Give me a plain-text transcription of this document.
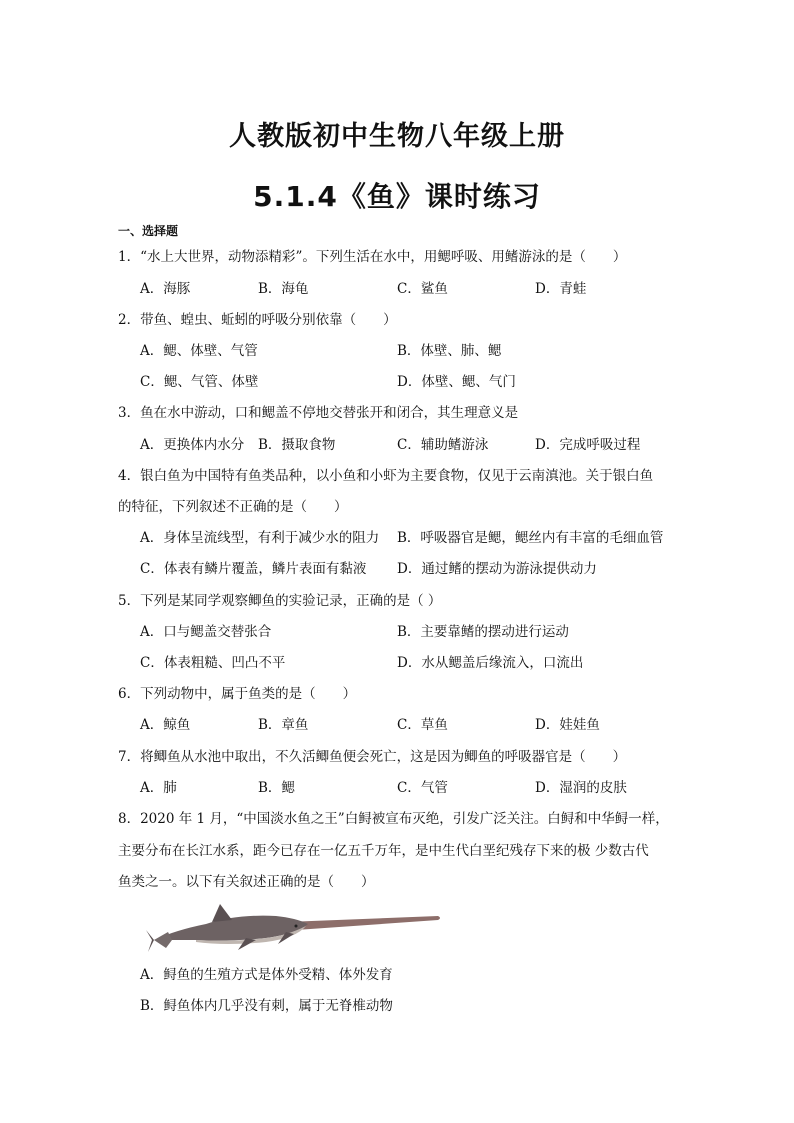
人教版初中生物八年级上册
5.1.4《鱼》课时练习
一、选择题
1．“水上大世界，动物添精彩”。下列生活在水中，用鳃呼吸、用鳍游泳的是（　　）
A．海豚	B．海龟	C．鲨鱼	D．青蛙
2．带鱼、蝗虫、蚯蚓的呼吸分别依靠（　　）
A．鳃、体壁、气管	B．体壁、肺、鳃
C．鳃、气管、体壁	D．体壁、鳃、气门
3．鱼在水中游动，口和鳃盖不停地交替张开和闭合，其生理意义是
A．更换体内水分 B．摄取食物	C．辅助鳍游泳	D．完成呼吸过程
4．银白鱼为中国特有鱼类品种，以小鱼和小虾为主要食物，仅见于云南滇池。关于银白鱼
的特征，下列叙述不正确的是（　　）
A．身体呈流线型，有利于减少水的阻力 B．呼吸器官是鳃，鳃丝内有丰富的毛细血管
C．体表有鳞片覆盖，鳞片表面有黏液 D．通过鳍的摆动为游泳提供动力
5．下列是某同学观察鲫鱼的实验记录，正确的是（ ）
A．口与鳃盖交替张合	B．主要靠鳍的摆动进行运动
C．体表粗糙、凹凸不平	D．水从鳃盖后缘流入，口流出
6．下列动物中，属于鱼类的是（　　）
A．鲸鱼	B．章鱼	C．草鱼	D．娃娃鱼
7．将鲫鱼从水池中取出，不久活鲫鱼便会死亡，这是因为鲫鱼的呼吸器官是（　　）
A．肺	B．鳃	C．气管	D．湿润的皮肤
8．2020 年 1 月，“中国淡水鱼之王”白鲟被宣布灭绝，引发广泛关注。白鲟和中华鲟一样，
主要分布在长江水系，距今已存在一亿五千万年，是中生代白垩纪残存下来的极 少数古代
鱼类之一。以下有关叙述正确的是（　　）
A．鲟鱼的生殖方式是体外受精、体外发育
B．鲟鱼体内几乎没有刺，属于无脊椎动物
